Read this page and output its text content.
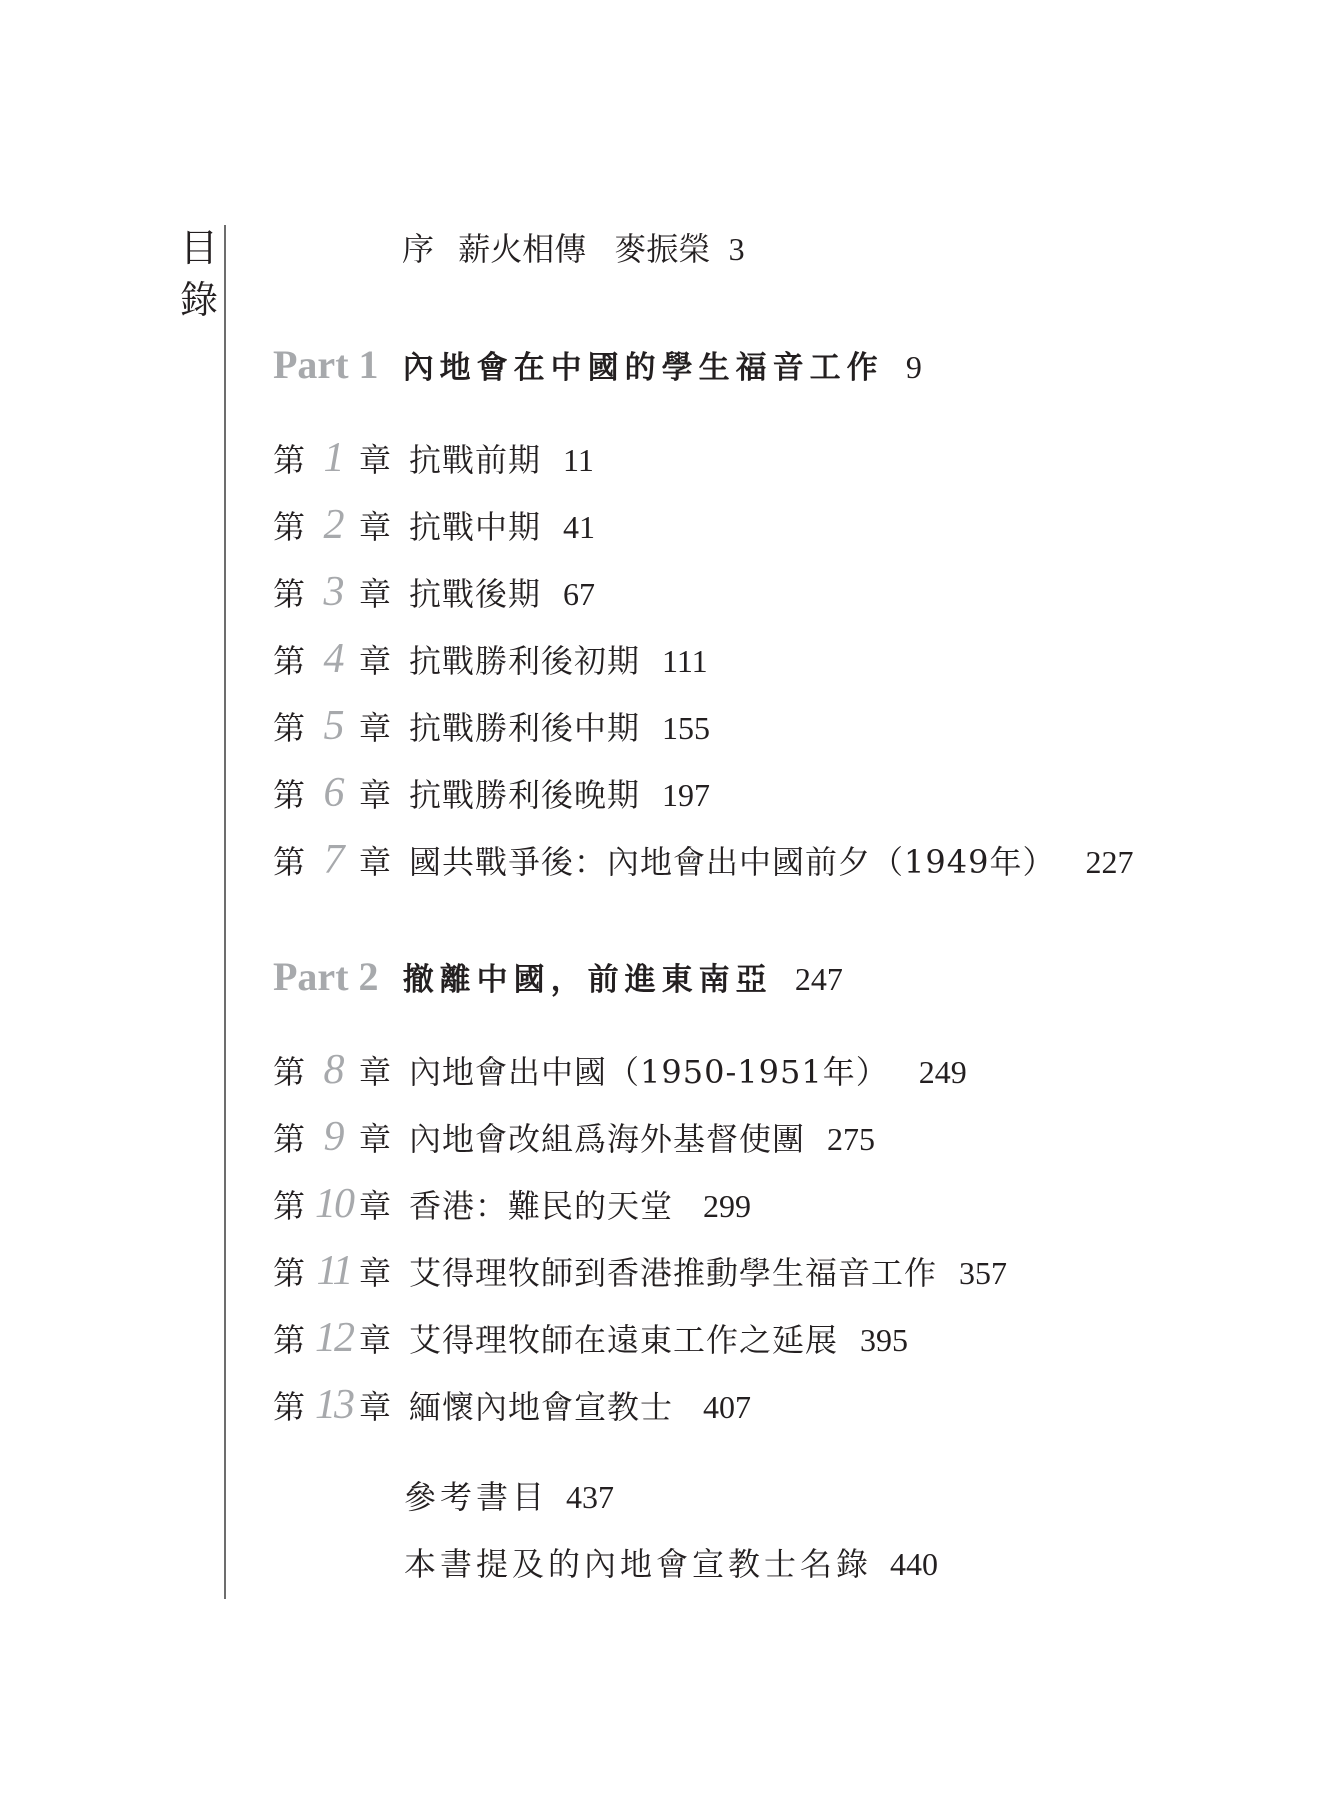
目
錄
序 薪火相傳 麥振榮 3
Part 1 內地會在中國的學生福音工作 9
第 1 章 抗戰前期 11
第 2 章 抗戰中期 41
第 3 章 抗戰後期 67
第 4 章 抗戰勝利後初期 111
第 5 章 抗戰勝利後中期 155
第 6 章 抗戰勝利後晚期 197
第 7 章 國共戰爭後：內地會出中國前夕（1949年） 227
Part 2 撤離中國，前進東南亞 247
第 8 章 內地會出中國（1950-1951年） 249
第 9 章 內地會改組爲海外基督使團 275
第 10 章 香港：難民的天堂 299
第 11 章 艾得理牧師到香港推動學生福音工作 357
第 12 章 艾得理牧師在遠東工作之延展 395
第 13 章 緬懷內地會宣教士 407
參考書目 437
本書提及的內地會宣教士名錄 440
